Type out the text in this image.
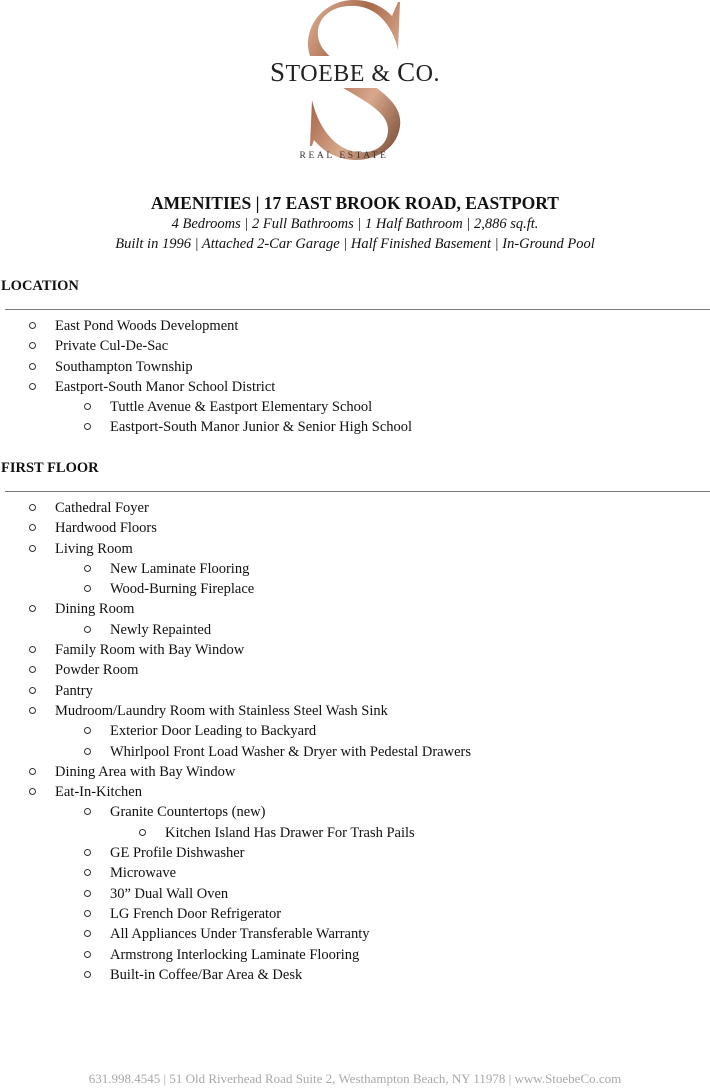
STOEBE & CO.
REAL ESTATE
AMENITIES | 17 EAST BROOK ROAD, EASTPORT
4 Bedrooms | 2 Full Bathrooms | 1 Half Bathroom | 2,886 sq.ft.
Built in 1996 | Attached 2-Car Garage | Half Finished Basement | In-Ground Pool
LOCATION
East Pond Woods Development
Private Cul-De-Sac
Southampton Township
Eastport-South Manor School District
Tuttle Avenue & Eastport Elementary School
Eastport-South Manor Junior & Senior High School
FIRST FLOOR
Cathedral Foyer
Hardwood Floors
Living Room
New Laminate Flooring
Wood-Burning Fireplace
Dining Room
Newly Repainted
Family Room with Bay Window
Powder Room
Pantry
Mudroom/Laundry Room with Stainless Steel Wash Sink
Exterior Door Leading to Backyard
Whirlpool Front Load Washer & Dryer with Pedestal Drawers
Dining Area with Bay Window
Eat-In-Kitchen
Granite Countertops (new)
Kitchen Island Has Drawer For Trash Pails
GE Profile Dishwasher
Microwave
30” Dual Wall Oven
LG French Door Refrigerator
All Appliances Under Transferable Warranty
Armstrong Interlocking Laminate Flooring
Built-in Coffee/Bar Area & Desk
631.998.4545 | 51 Old Riverhead Road Suite 2, Westhampton Beach, NY 11978 | www.StoebeCo.com
